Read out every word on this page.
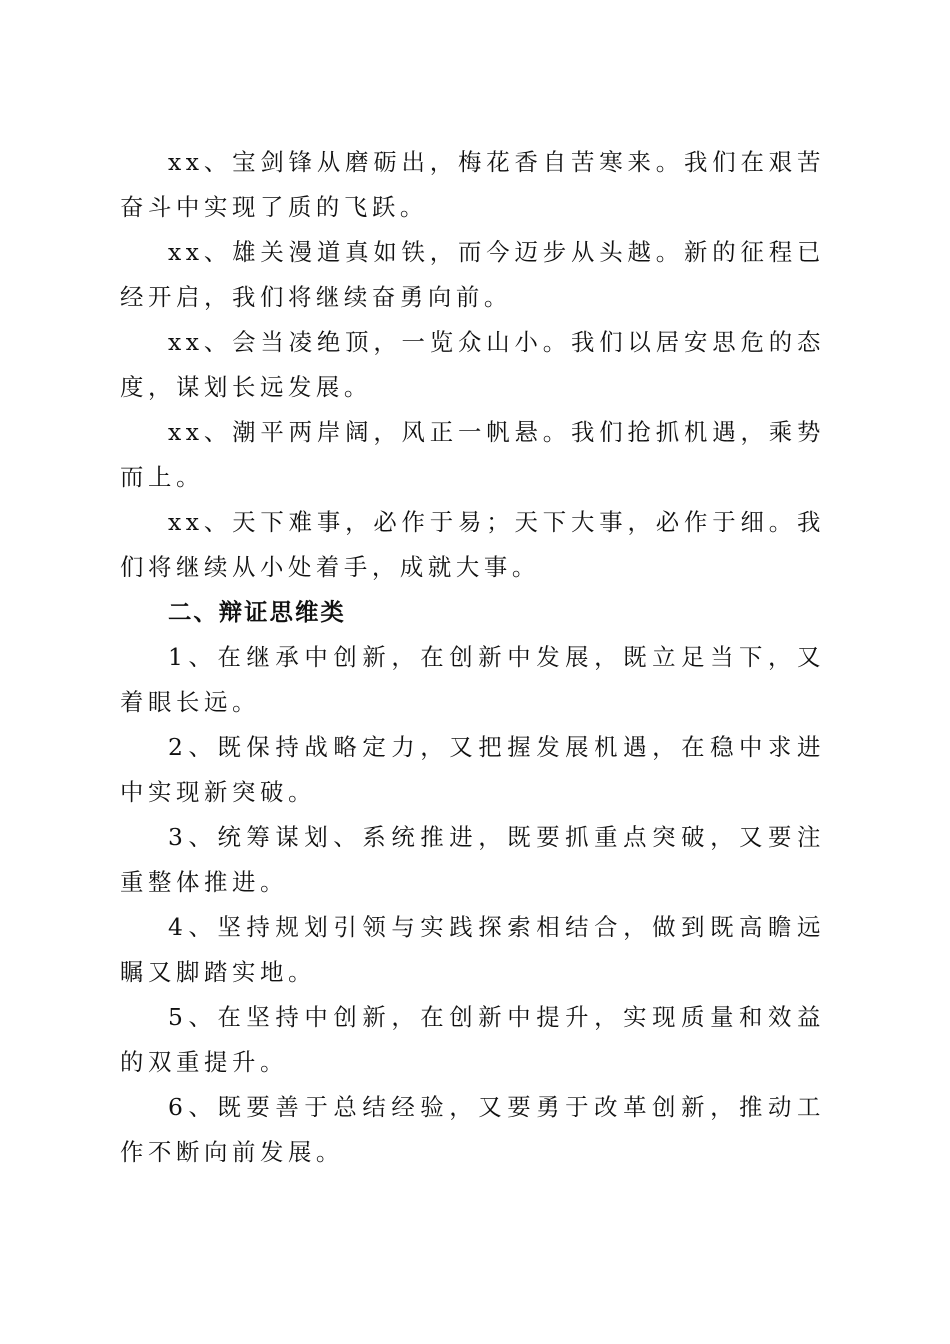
xx、宝剑锋从磨砺出，梅花香自苦寒来。我们在艰苦奋斗中实现了质的飞跃。

xx、雄关漫道真如铁，而今迈步从头越。新的征程已经开启，我们将继续奋勇向前。

xx、会当凌绝顶，一览众山小。我们以居安思危的态度，谋划长远发展。

xx、潮平两岸阔，风正一帆悬。我们抢抓机遇，乘势而上。

xx、天下难事，必作于易；天下大事，必作于细。我们将继续从小处着手，成就大事。

二、辩证思维类

1、在继承中创新，在创新中发展，既立足当下，又着眼长远。

2、既保持战略定力，又把握发展机遇，在稳中求进中实现新突破。

3、统筹谋划、系统推进，既要抓重点突破，又要注重整体推进。

4、坚持规划引领与实践探索相结合，做到既高瞻远瞩又脚踏实地。

5、在坚持中创新，在创新中提升，实现质量和效益的双重提升。

6、既要善于总结经验，又要勇于改革创新，推动工作不断向前发展。
